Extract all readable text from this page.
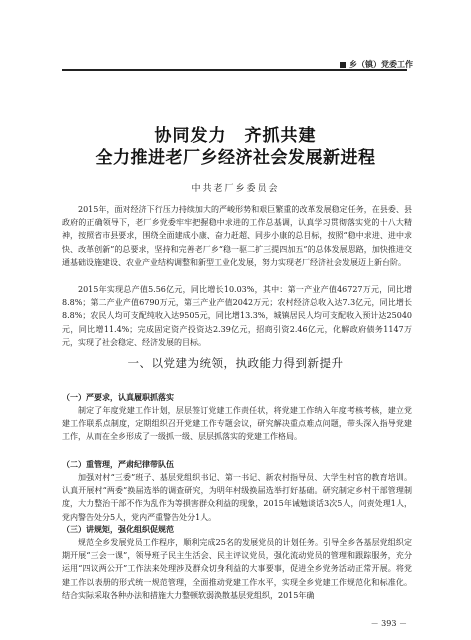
乡（镇）党委工作
协同发力　齐抓共建
全力推进老厂乡经济社会发展新进程
中共老厂乡委员会

2015年，面对经济下行压力持续加大的严峻形势和艰巨繁重的改革发展稳定任务，在县委、县政府的正确领导下，老厂乡党委牢牢把握稳中求进的工作总基调，认真学习贯彻落实党的十八大精神，按照省市县要求，围绕全面建成小康、奋力赶超、同步小康的总目标，按照“稳中求进、进中求快、改革创新”的总要求，坚持和完善老厂乡“稳一驱二扩三提四加五”的总体发展思路，加快推进交通基础设施建设、农业产业结构调整和新型工业化发展，努力实现老厂经济社会发展迈上新台阶。

2015年实现总产值5.56亿元，同比增长10.03%，其中：第一产业产值46727万元，同比增8.8%；第二产业产值6790万元，第三产业产值2042万元；农村经济总收入达7.3亿元，同比增长8.8%；农民人均可支配纯收入达9505元，同比增13.3%，城镇居民人均可支配收入预计达25040元，同比增11.4%；完成固定资产投资达2.39亿元，招商引资2.46亿元，化解政府债务1147万元，实现了社会稳定、经济发展的目标。

一、以党建为统领，执政能力得到新提升

（一）严要求，认真履职抓落实

制定了年度党建工作计划，层层签订党建工作责任状，将党建工作纳入年度考核考核，建立党建工作联系点制度，定期组织召开党建工作专题会议，研究解决重点难点问题，带头深入指导党建工作，从而在全乡形成了一级抓一级、层层抓落实的党建工作格局。

（二）重管理，严肃纪律带队伍

加强对村“三委”班子、基层党组织书记、第一书记、新农村指导员、大学生村官的教育培训。认真开展村“两委”换届选举的调查研究，为明年村级换届选举打好基础。研究制定乡村干部管理制度，大力整治干部不作为乱作为等損害群众利益的现象，2015年诫勉谈话3次5人，问责处理1人，党内警告处分5人，党内严重警告处分1人。

（三）讲规矩，强化组织促规范

规范全乡发展党员工作程序，顺利完成25名的发展党员的计划任务。引导全乡各基层党组织定期开展“三会一课”，领导班子民主生活会、民主评议党员，强化流动党员的管理和跟踪服务，充分运用“四议两公开”工作法来处理涉及群众切身利益的大事要事，促进全乡党务活动正常开展。将党建工作以表册的形式统一规范管理，全面推动党建工作水平，实现全乡党建工作规范化和标准化。结合实际采取各种办法和措施大力整顿软弱涣散基层党组织，2015年确

－ 393 －
